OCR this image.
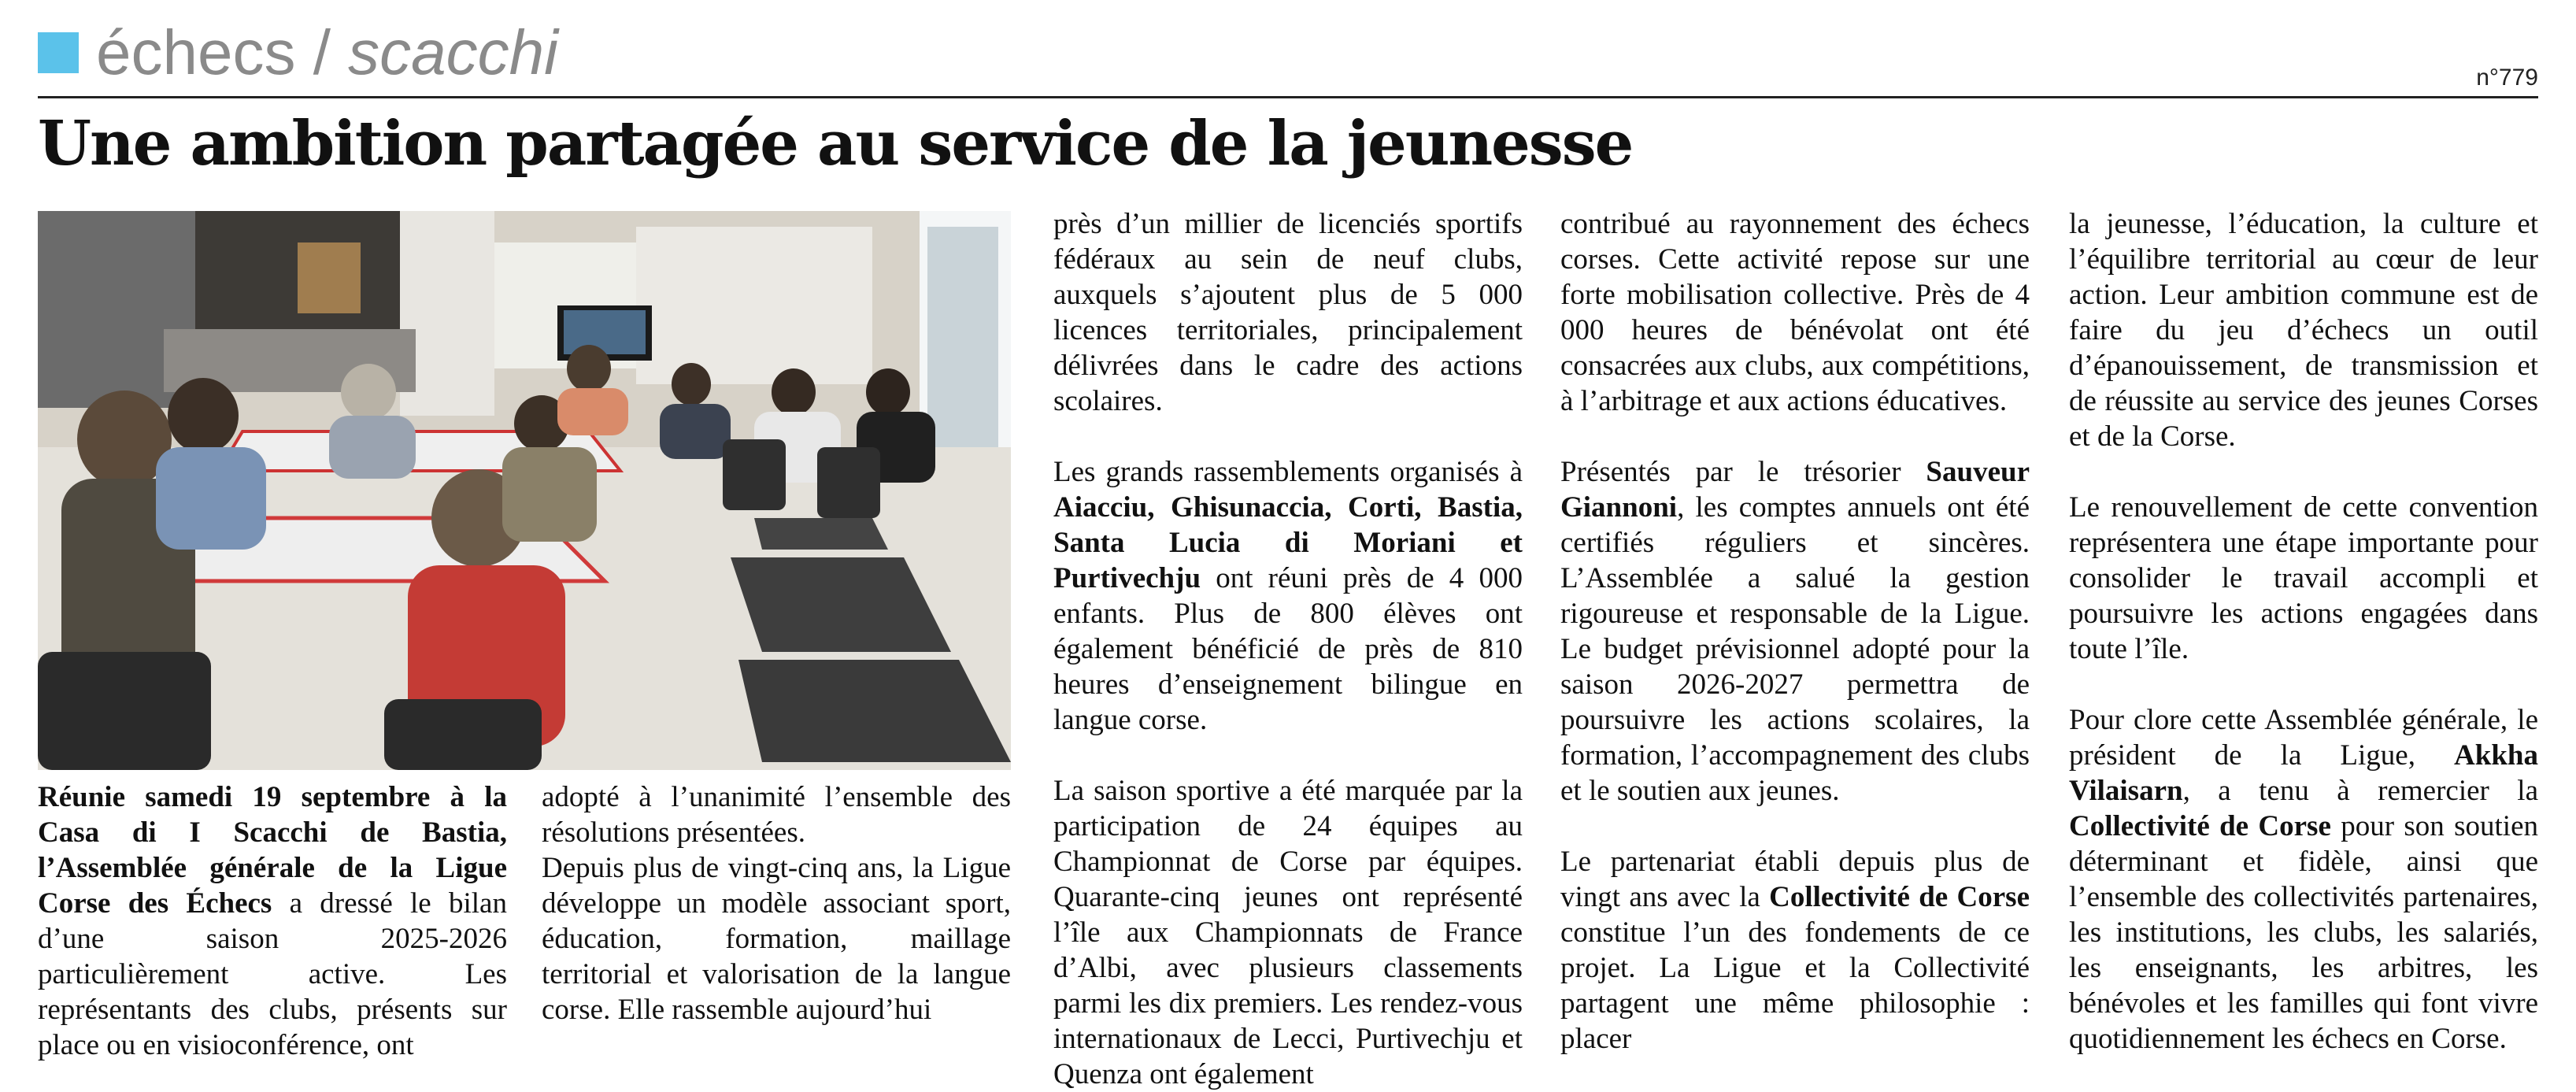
échecs / scacchi	n°779
Une ambition partagée au service de la jeunesse
Réunie samedi 19 septembre à la Casa di I Scacchi de Bastia, l’Assemblée générale de la Ligue Corse des Échecs a dressé le bilan d’une saison 2025-2026 particulièrement active. Les représentants des clubs, présents sur place ou en visioconférence, ont

adopté à l’unanimité l’ensemble des résolutions présentées.

Depuis plus de vingt-cinq ans, la Ligue développe un modèle associant sport, éducation, formation, maillage territorial et valorisation de la langue corse. Elle rassemble aujourd’hui

près d’un millier de licenciés sportifs fédéraux au sein de neuf clubs, auxquels s’ajoutent plus de 5 000 licences territoriales, principalement délivrées dans le cadre des actions scolaires.

Les grands rassemblements organisés à Aiacciu, Ghisunaccia, Corti, Bastia, Santa Lucia di Moriani et Purtivechju ont réuni près de 4 000 enfants. Plus de 800 élèves ont également bénéficié de près de 810 heures d’enseignement bilingue en langue corse.

La saison sportive a été marquée par la participation de 24 équipes au Championnat de Corse par équipes. Quarante-cinq jeunes ont représenté l’île aux Championnats de France d’Albi, avec plusieurs classements parmi les dix premiers. Les rendez-vous internationaux de Lecci, Purtivechju et Quenza ont également

contribué au rayonnement des échecs corses. Cette activité repose sur une forte mobilisation collective. Près de 4 000 heures de bénévolat ont été consacrées aux clubs, aux compétitions, à l’arbitrage et aux actions éducatives.

Présentés par le trésorier Sauveur Giannoni, les comptes annuels ont été certifiés réguliers et sincères. L’Assemblée a salué la gestion rigoureuse et responsable de la Ligue. Le budget prévisionnel adopté pour la saison 2026-2027 permettra de poursuivre les actions scolaires, la formation, l’accompagnement des clubs et le soutien aux jeunes.

Le partenariat établi depuis plus de vingt ans avec la Collectivité de Corse constitue l’un des fondements de ce projet. La Ligue et la Collectivité partagent une même philosophie : placer

la jeunesse, l’éducation, la culture et l’équilibre territorial au cœur de leur action. Leur ambition commune est de faire du jeu d’échecs un outil d’épanouissement, de transmission et de réussite au service des jeunes Corses et de la Corse.

Le renouvellement de cette convention représentera une étape importante pour consolider le travail accompli et poursuivre les actions engagées dans toute l’île.

Pour clore cette Assemblée générale, le président de la Ligue, Akkha Vilaisarn, a tenu à remercier la Collectivité de Corse pour son soutien déterminant et fidèle, ainsi que l’ensemble des collectivités partenaires, les institutions, les clubs, les salariés, les enseignants, les arbitres, les bénévoles et les familles qui font vivre quotidiennement les échecs en Corse.
